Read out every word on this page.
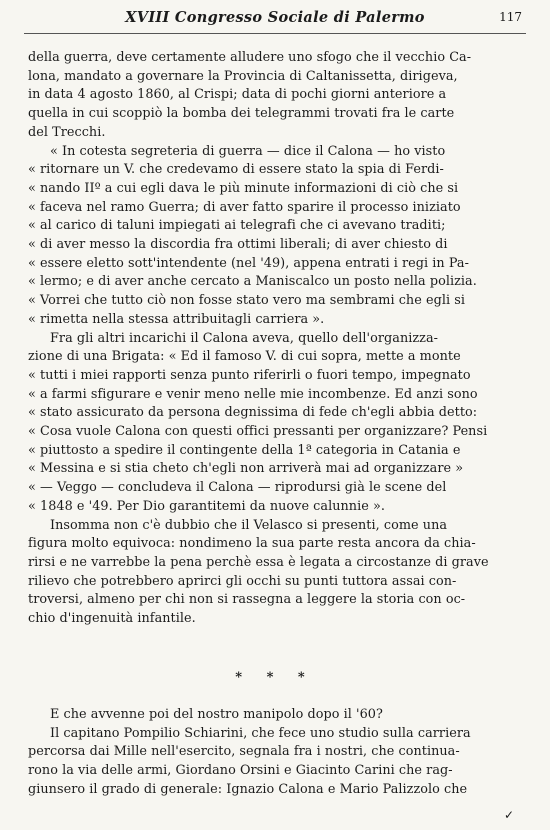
XVIII Congresso Sociale di Palermo	117
della guerra, deve certamente alludere uno sfogo che il vecchio Ca-
lona, mandato a governare la Provincia di Caltanissetta, dirigeva,
in data 4 agosto 1860, al Crispi; data di pochi giorni anteriore a
quella in cui scoppiò la bomba dei telegrammi trovati fra le carte
del Trecchi.
« In cotesta segreteria di guerra — dice il Calona — ho visto
« ritornare un V. che credevamo di essere stato la spia di Ferdi-
« nando IIº a cui egli dava le più minute informazioni di ciò che si
« faceva nel ramo Guerra; di aver fatto sparire il processo iniziato
« al carico di taluni impiegati ai telegrafi che ci avevano traditi;
« di aver messo la discordia fra ottimi liberali; di aver chiesto di
« essere eletto sott'intendente (nel '49), appena entrati i regi in Pa-
« lermo; e di aver anche cercato a Maniscalco un posto nella polizia.
« Vorrei che tutto ciò non fosse stato vero ma sembrami che egli si
« rimetta nella stessa attribuitagli carriera ».
Fra gli altri incarichi il Calona aveva, quello dell'organizza-
zione di una Brigata: « Ed il famoso V. di cui sopra, mette a monte
« tutti i miei rapporti senza punto riferirli o fuori tempo, impegnato
« a farmi sfigurare e venir meno nelle mie incombenze. Ed anzi sono
« stato assicurato da persona degnissima di fede ch'egli abbia detto:
« Cosa vuole Calona con questi offici pressanti per organizzare? Pensi
« piuttosto a spedire il contingente della 1ª categoria in Catania e
« Messina e si stia cheto ch'egli non arriverà mai ad organizzare »
« — Veggo — concludeva il Calona — riprodursi già le scene del
« 1848 e '49. Per Dio garantitemi da nuove calunnie ».
Insomma non c'è dubbio che il Velasco si presenti, come una
figura molto equivoca: nondimeno la sua parte resta ancora da chia-
rirsi e ne varrebbe la pena perchè essa è legata a circostanze di grave
rilievo che potrebbero aprirci gli occhi su punti tuttora assai con-
troversi, almeno per chi non si rassegna a leggere la storia con oc-
chio d'ingenuità infantile.
* * *
E che avvenne poi del nostro manipolo dopo il '60?
Il capitano Pompilio Schiarini, che fece uno studio sulla carriera
percorsa dai Mille nell'esercito, segnala fra i nostri, che continua-
rono la via delle armi, Giordano Orsini e Giacinto Carini che rag-
giunsero il grado di generale: Ignazio Calona e Mario Palizzolo che
✓
